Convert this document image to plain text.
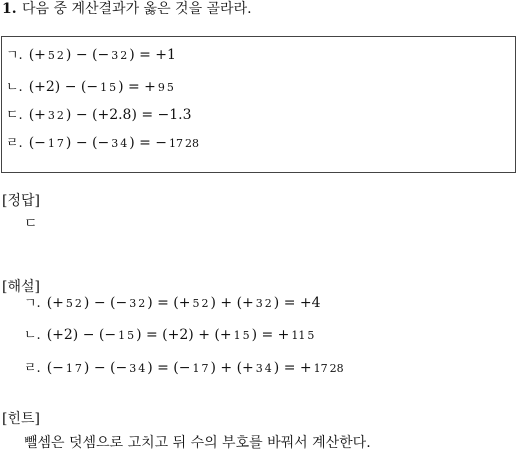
1. 다음 중 계산결과가 옳은 것을 골라라.
ㄱ. (+ 5 2 ) − (− 3 2 ) = +1
ㄴ. (+2) − (− 1 5 ) = + 9 5
ㄷ. (+ 3 2 ) − (+2.8) = −1.3
ㄹ. (− 1 7 ) − (− 3 4 ) = − 17 28
[정답]
ㄷ
[해설]
ㄱ. (+ 5 2 ) − (− 3 2 ) = (+ 5 2 ) + (+ 3 2 ) = +4
ㄴ. (+2) − (− 1 5 ) = (+2) + (+ 1 5 ) = + 11 5
ㄹ. (− 1 7 ) − (− 3 4 ) = (− 1 7 ) + (+ 3 4 ) = + 17 28
[힌트]
뺄셈은 덧셈으로 고치고 뒤 수의 부호를 바꿔서 계산한다.
